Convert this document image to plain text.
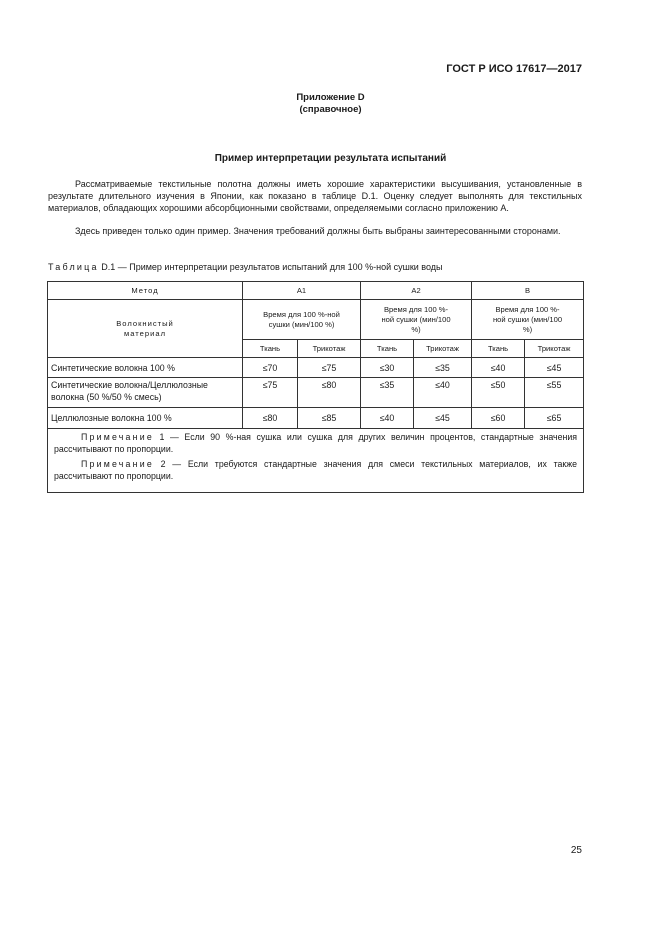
ГОСТ Р ИСО 17617—2017
Приложение D
(справочное)
Пример интерпретации результата испытаний
Рассматриваемые текстильные полотна должны иметь хорошие характеристики высушивания, установленные в результате длительного изучения в Японии, как показано в таблице D.1. Оценку следует выполнять для текстильных материалов, обладающих хорошими абсорбционными свойствами, определяемыми согласно приложению А.
Здесь приведен только один пример. Значения требований должны быть выбраны заинтересованными сторонами.
Таблица D.1 — Пример интерпретации результатов испытаний для 100 %-ной сушки воды
Метод	А1		А2		В	
Волокнистый материал	Время для 100 %-ной сушки (мин/100 %)		Время для 100 %-ной сушки (мин/100 %)		Время для 100 %-ной сушки (мин/100 %)	
	Ткань	Трикотаж	Ткань	Трикотаж	Ткань	Трикотаж
Синтетические волокна 100 %	≤70	≤75	≤30	≤35	≤40	≤45
Синтетические волокна/Целлюлозные волокна (50 %/50 % смесь)	≤75	≤80	≤35	≤40	≤50	≤55
Целлюлозные волокна 100 %	≤80	≤85	≤40	≤45	≤60	≤65

Примечание 1 — Если 90 %-ная сушка или сушка для других величин процентов, стандартные значения рассчитывают по пропорции.

Примечание 2 — Если требуются стандартные значения для смеси текстильных материалов, их также рассчитывают по пропорции.						

25
